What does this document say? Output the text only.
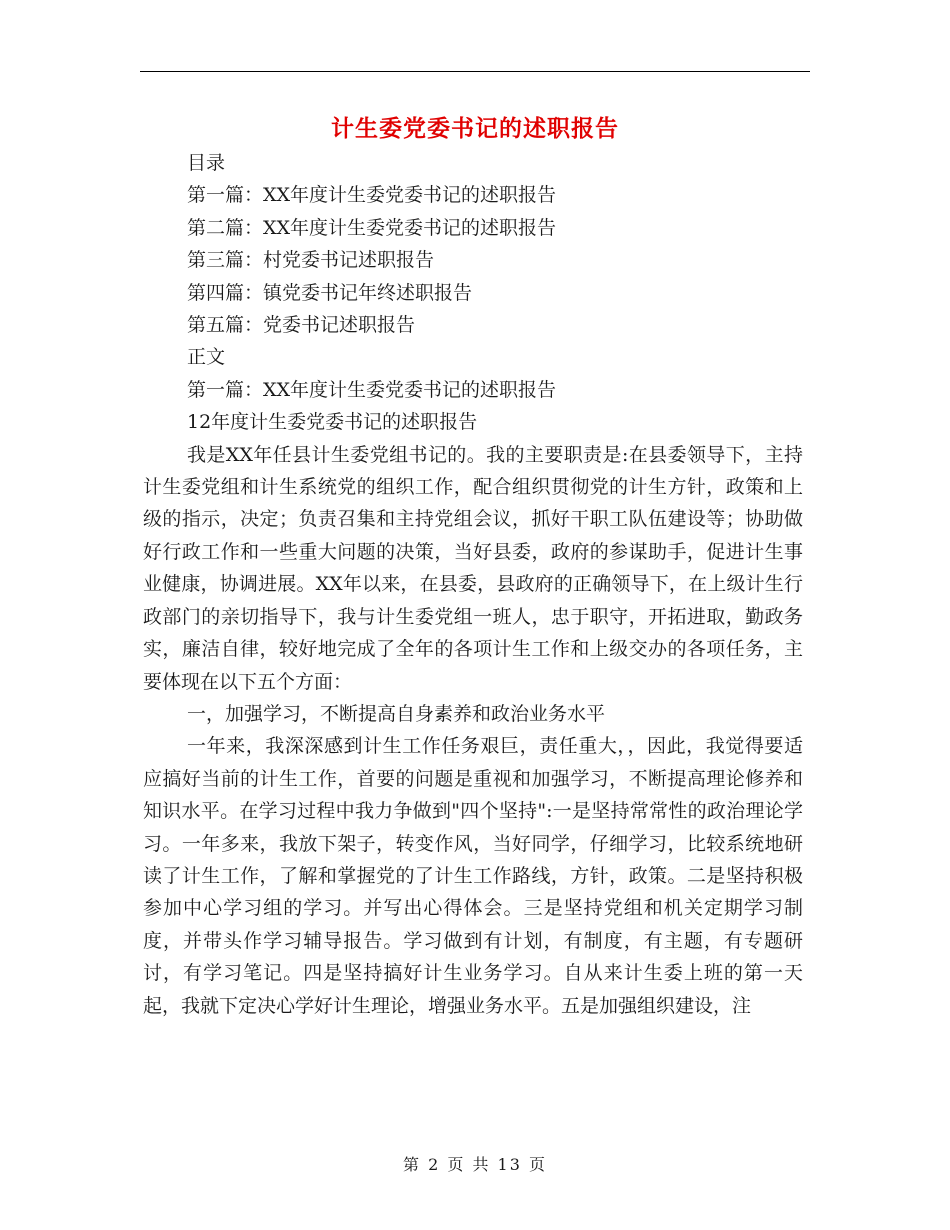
计生委党委书记的述职报告

目录

第一篇：XX年度计生委党委书记的述职报告

第二篇：XX年度计生委党委书记的述职报告

第三篇：村党委书记述职报告

第四篇：镇党委书记年终述职报告

第五篇：党委书记述职报告

正文

第一篇：XX年度计生委党委书记的述职报告

12年度计生委党委书记的述职报告

我是XX年任县计生委党组书记的。我的主要职责是:在县委领导下，主持计生委党组和计生系统党的组织工作，配合组织贯彻党的计生方针，政策和上级的指示，决定；负责召集和主持党组会议，抓好干职工队伍建设等；协助做好行政工作和一些重大问题的决策，当好县委，政府的参谋助手，促进计生事业健康，协调进展。XX年以来，在县委，县政府的正确领导下，在上级计生行政部门的亲切指导下，我与计生委党组一班人，忠于职守，开拓进取，勤政务实，廉洁自律，较好地完成了全年的各项计生工作和上级交办的各项任务，主要体现在以下五个方面：

一，加强学习，不断提高自身素养和政治业务水平

一年来，我深深感到计生工作任务艰巨，责任重大，，因此，我觉得要适应搞好当前的计生工作，首要的问题是重视和加强学习，不断提高理论修养和知识水平。在学习过程中我力争做到"四个坚持":一是坚持常常性的政治理论学习。一年多来，我放下架子，转变作风，当好同学，仔细学习，比较系统地研读了计生工作，了解和掌握党的了计生工作路线，方针，政策。二是坚持积极参加中心学习组的学习。并写出心得体会。三是坚持党组和机关定期学习制度，并带头作学习辅导报告。学习做到有计划，有制度，有主题，有专题研讨，有学习笔记。四是坚持搞好计生业务学习。自从来计生委上班的第一天起，我就下定决心学好计生理论，增强业务水平。五是加强组织建设，注

第 2 页 共 13 页
